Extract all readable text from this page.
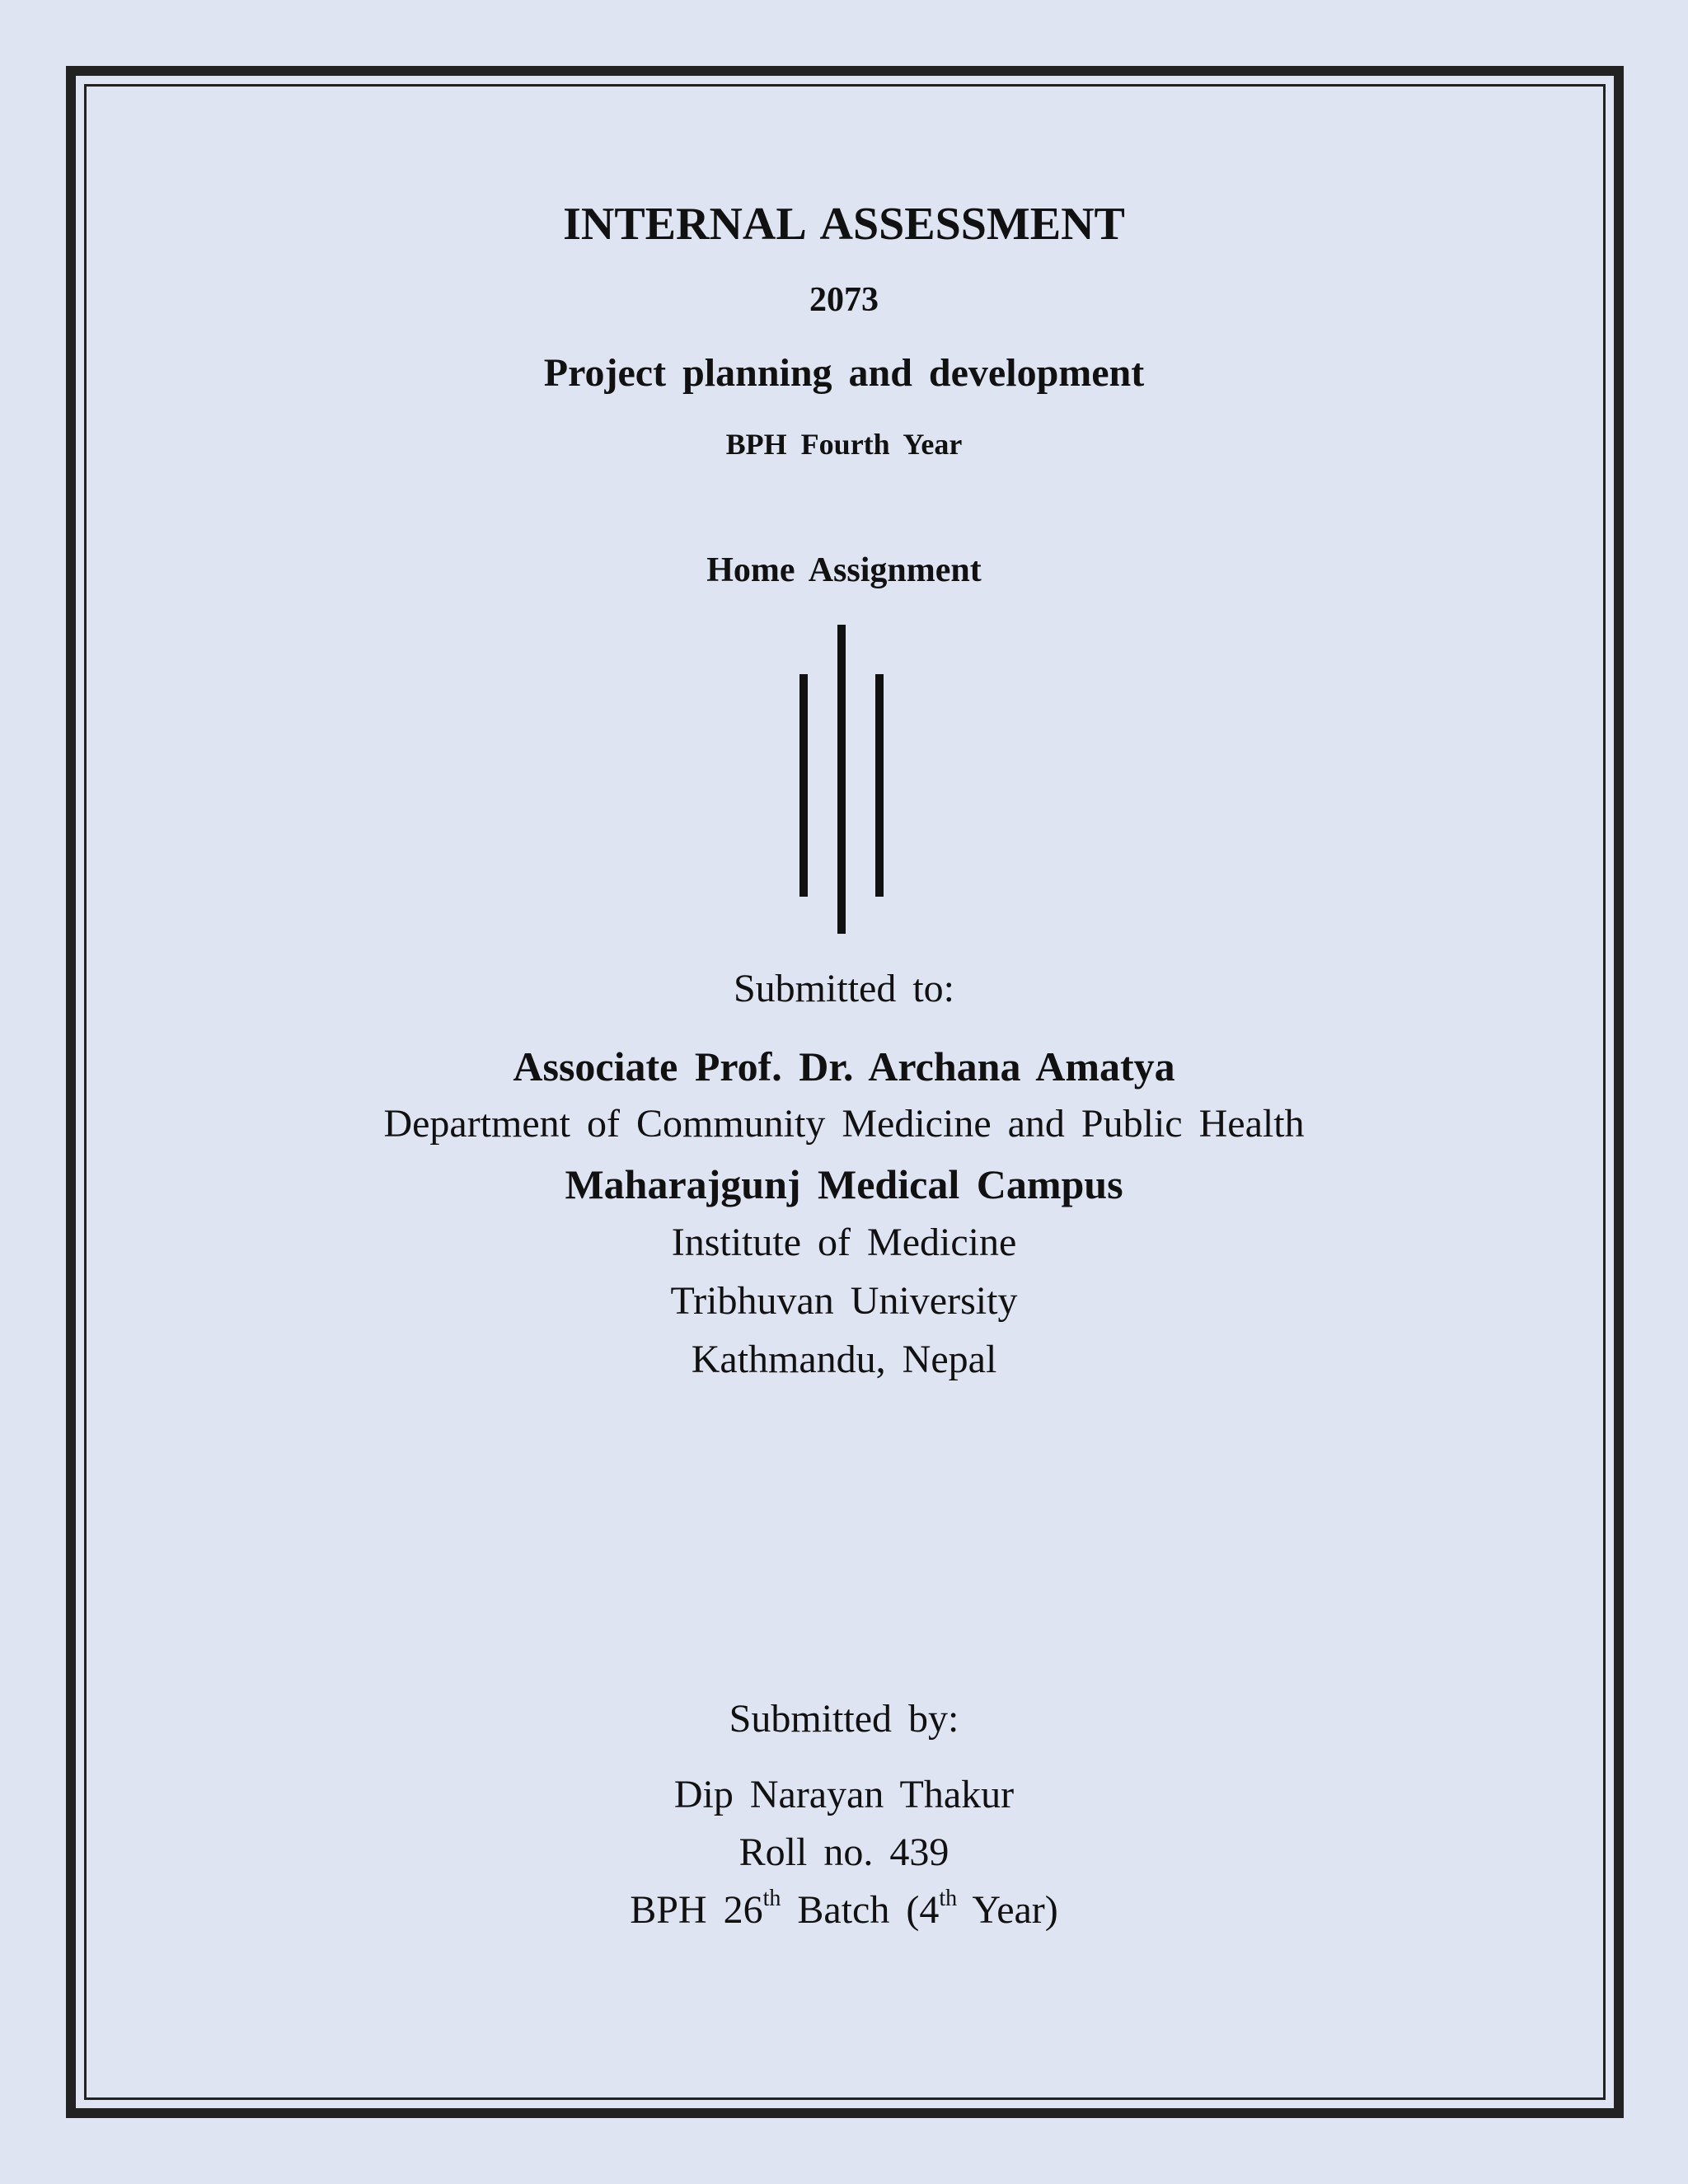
INTERNAL ASSESSMENT
2073
Project planning and development
BPH Fourth Year
Home Assignment
Submitted to:
Associate Prof. Dr. Archana Amatya
Department of Community Medicine and Public Health
Maharajgunj Medical Campus
Institute of Medicine
Tribhuvan University
Kathmandu, Nepal
Submitted by:
Dip Narayan Thakur
Roll no. 439
BPH 26th Batch (4th Year)
